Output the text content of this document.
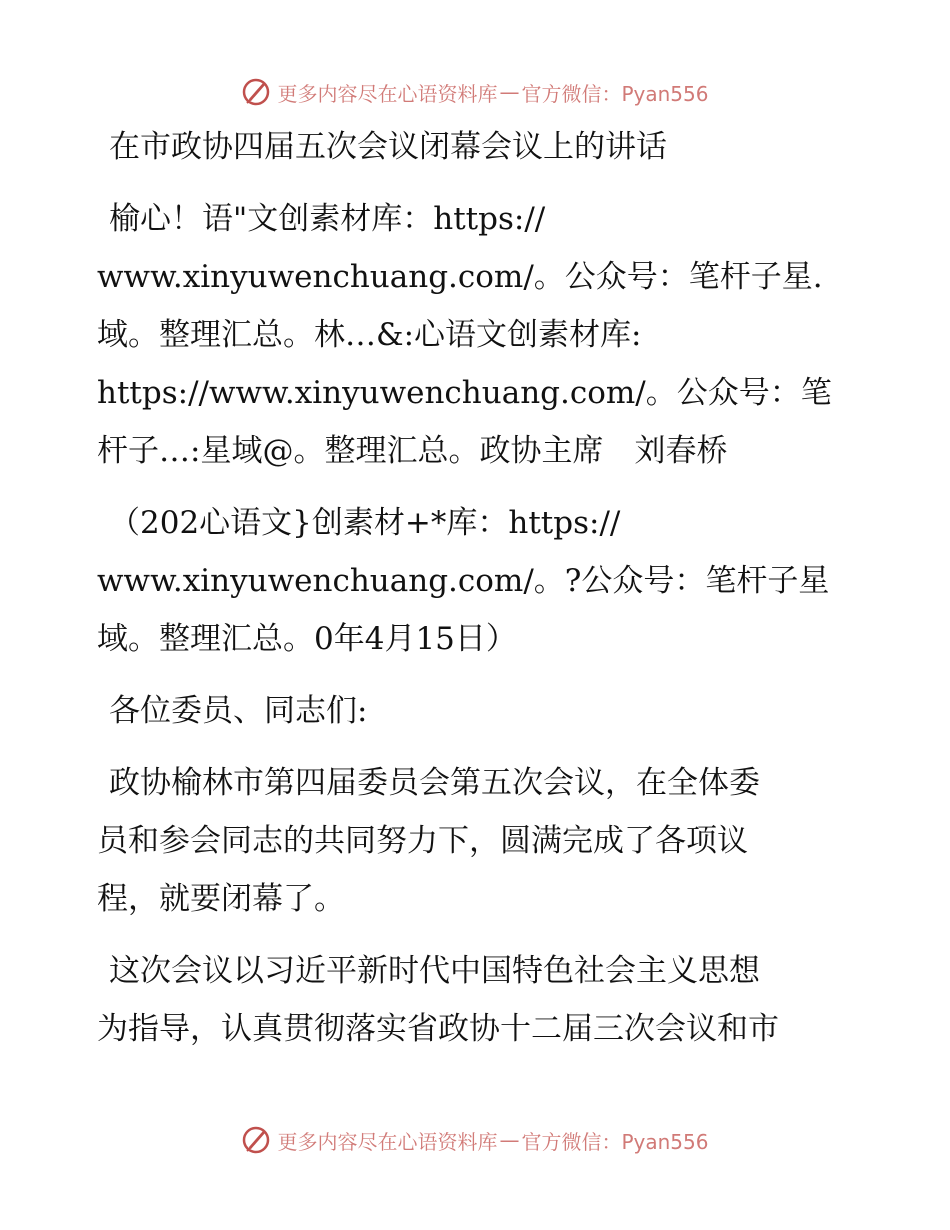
更多内容尽在心语资料库 — 官方微信：Pyan556

在市政协四届五次会议闭幕会议上的讲话

榆心！语"文创素材库：https://
www.xinyuwenchuang.com/。公众号：笔杆子星.
域。整理汇总。林…&:心语文创素材库:
https://www.xinyuwenchuang.com/。公众号：笔
杆子…:星域@。整理汇总。政协主席　刘春桥

（202心语文}创素材+*库：https://
www.xinyuwenchuang.com/。?公众号：笔杆子星
域。整理汇总。0年4月15日）

各位委员、同志们:

政协榆林市第四届委员会第五次会议，在全体委
员和参会同志的共同努力下，圆满完成了各项议
程，就要闭幕了。

这次会议以习近平新时代中国特色社会主义思想
为指导，认真贯彻落实省政协十二届三次会议和市

更多内容尽在心语资料库 — 官方微信：Pyan556
